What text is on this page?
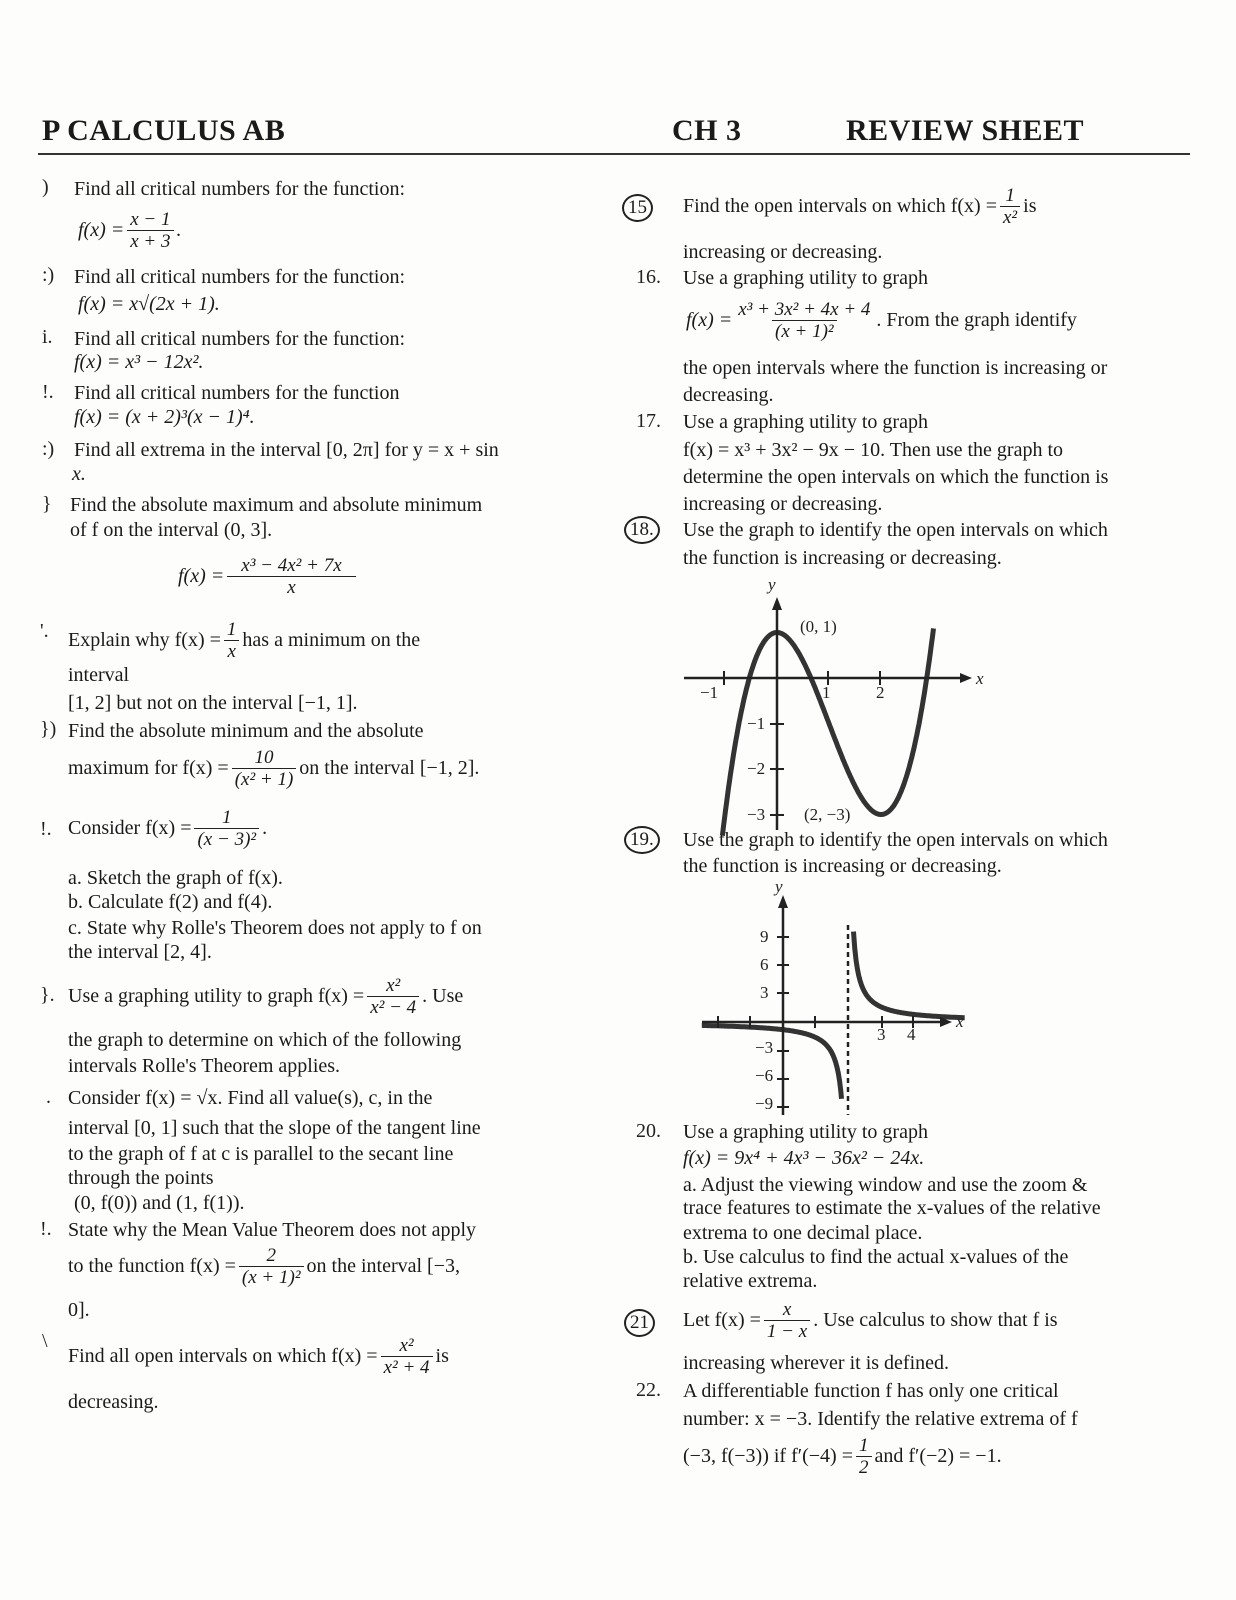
P CALCULUS AB	CH 3	REVIEW SHEET
) Find all critical numbers for the function:
$f(x) = \frac{x - 1}{x + 3}$ .
:) Find all critical numbers for the function:
f(x) = x√(2x + 1).
i. Find all critical numbers for the function:
f(x) = x³ − 12x².
!. Find all critical numbers for the function
f(x) = (x + 2)³(x − 1)⁴.
:) Find all extrema in the interval [0, 2π] for y = x + sin
x.
} Find the absolute maximum and absolute minimum
of f on the interval (0, 3].
$f(x) = \frac{\text{x³ − 4x² + 7x}}{x}$
'. Explain why $f(x) = \frac{1}{x}$ has a minimum on the
interval
[1, 2] but not on the interval [−1, 1].
}) Find the absolute minimum and the absolute
maximum for $f(x) = \frac{10}{\text{(x² + 1)}}$ on the interval [−1, 2].
!. Consider $f(x) = \frac{1}{\text{(x − 3)²}}$ .
a. Sketch the graph of f(x).
b. Calculate f(2) and f(4).
c. State why Rolle's Theorem does not apply to f on
the interval [2, 4].
}. Use a graphing utility to graph $f(x) = \frac{\text{x²}}{\text{x² − 4}}$ . Use
the graph to determine on which of the following
intervals Rolle's Theorem applies.
. Consider f(x) = √x. Find all value(s), c, in the
interval [0, 1] such that the slope of the tangent line
to the graph of f at c is parallel to the secant line
through the points
(0, f(0)) and (1, f(1)).
!. State why the Mean Value Theorem does not apply
to the function $f(x) = \frac{2}{\text{(x + 1)²}}$ on the interval [−3,
0].
\
Find all open intervals on which $f(x) = \frac{\text{x²}}{\text{x² + 4}}$ is
decreasing.
15	Find the open intervals on which $f(x) = \frac{1}{\text{x²}}$ is
increasing or decreasing.
16. Use a graphing utility to graph
$f(x) = \frac{\text{x³ + 3x² + 4x + 4}}{\text{(x + 1)²}}$ . From the graph identify
the open intervals where the function is increasing or
decreasing.
17. Use a graphing utility to graph
f(x) = x³ + 3x² − 9x − 10. Then use the graph to
determine the open intervals on which the function is
increasing or decreasing.
18.	Use the graph to identify the open intervals on which
the function is increasing or decreasing.
x
y
−1	1	2
−1
−2
−3
(0, 1)
(2, −3)
x
y
3 4
9
6
3
−3
−6
−9
19.	Use the graph to identify the open intervals on which
the function is increasing or decreasing.
20. Use a graphing utility to graph
f(x) = 9x⁴ + 4x³ − 36x² − 24x.
a. Adjust the viewing window and use the zoom &
trace features to estimate the x-values of the relative
extrema to one decimal place.
b. Use calculus to find the actual x-values of the
relative extrema.
21	Let $f(x) = \frac{x}{1 - x}$ . Use calculus to show that f is
increasing wherever it is defined.
22. A differentiable function f has only one critical
number: x = −3. Identify the relative extrema of f
(−3, f(−3)) if $f'(-4) = \frac{1}{2}$ and f′(−2) = −1.
